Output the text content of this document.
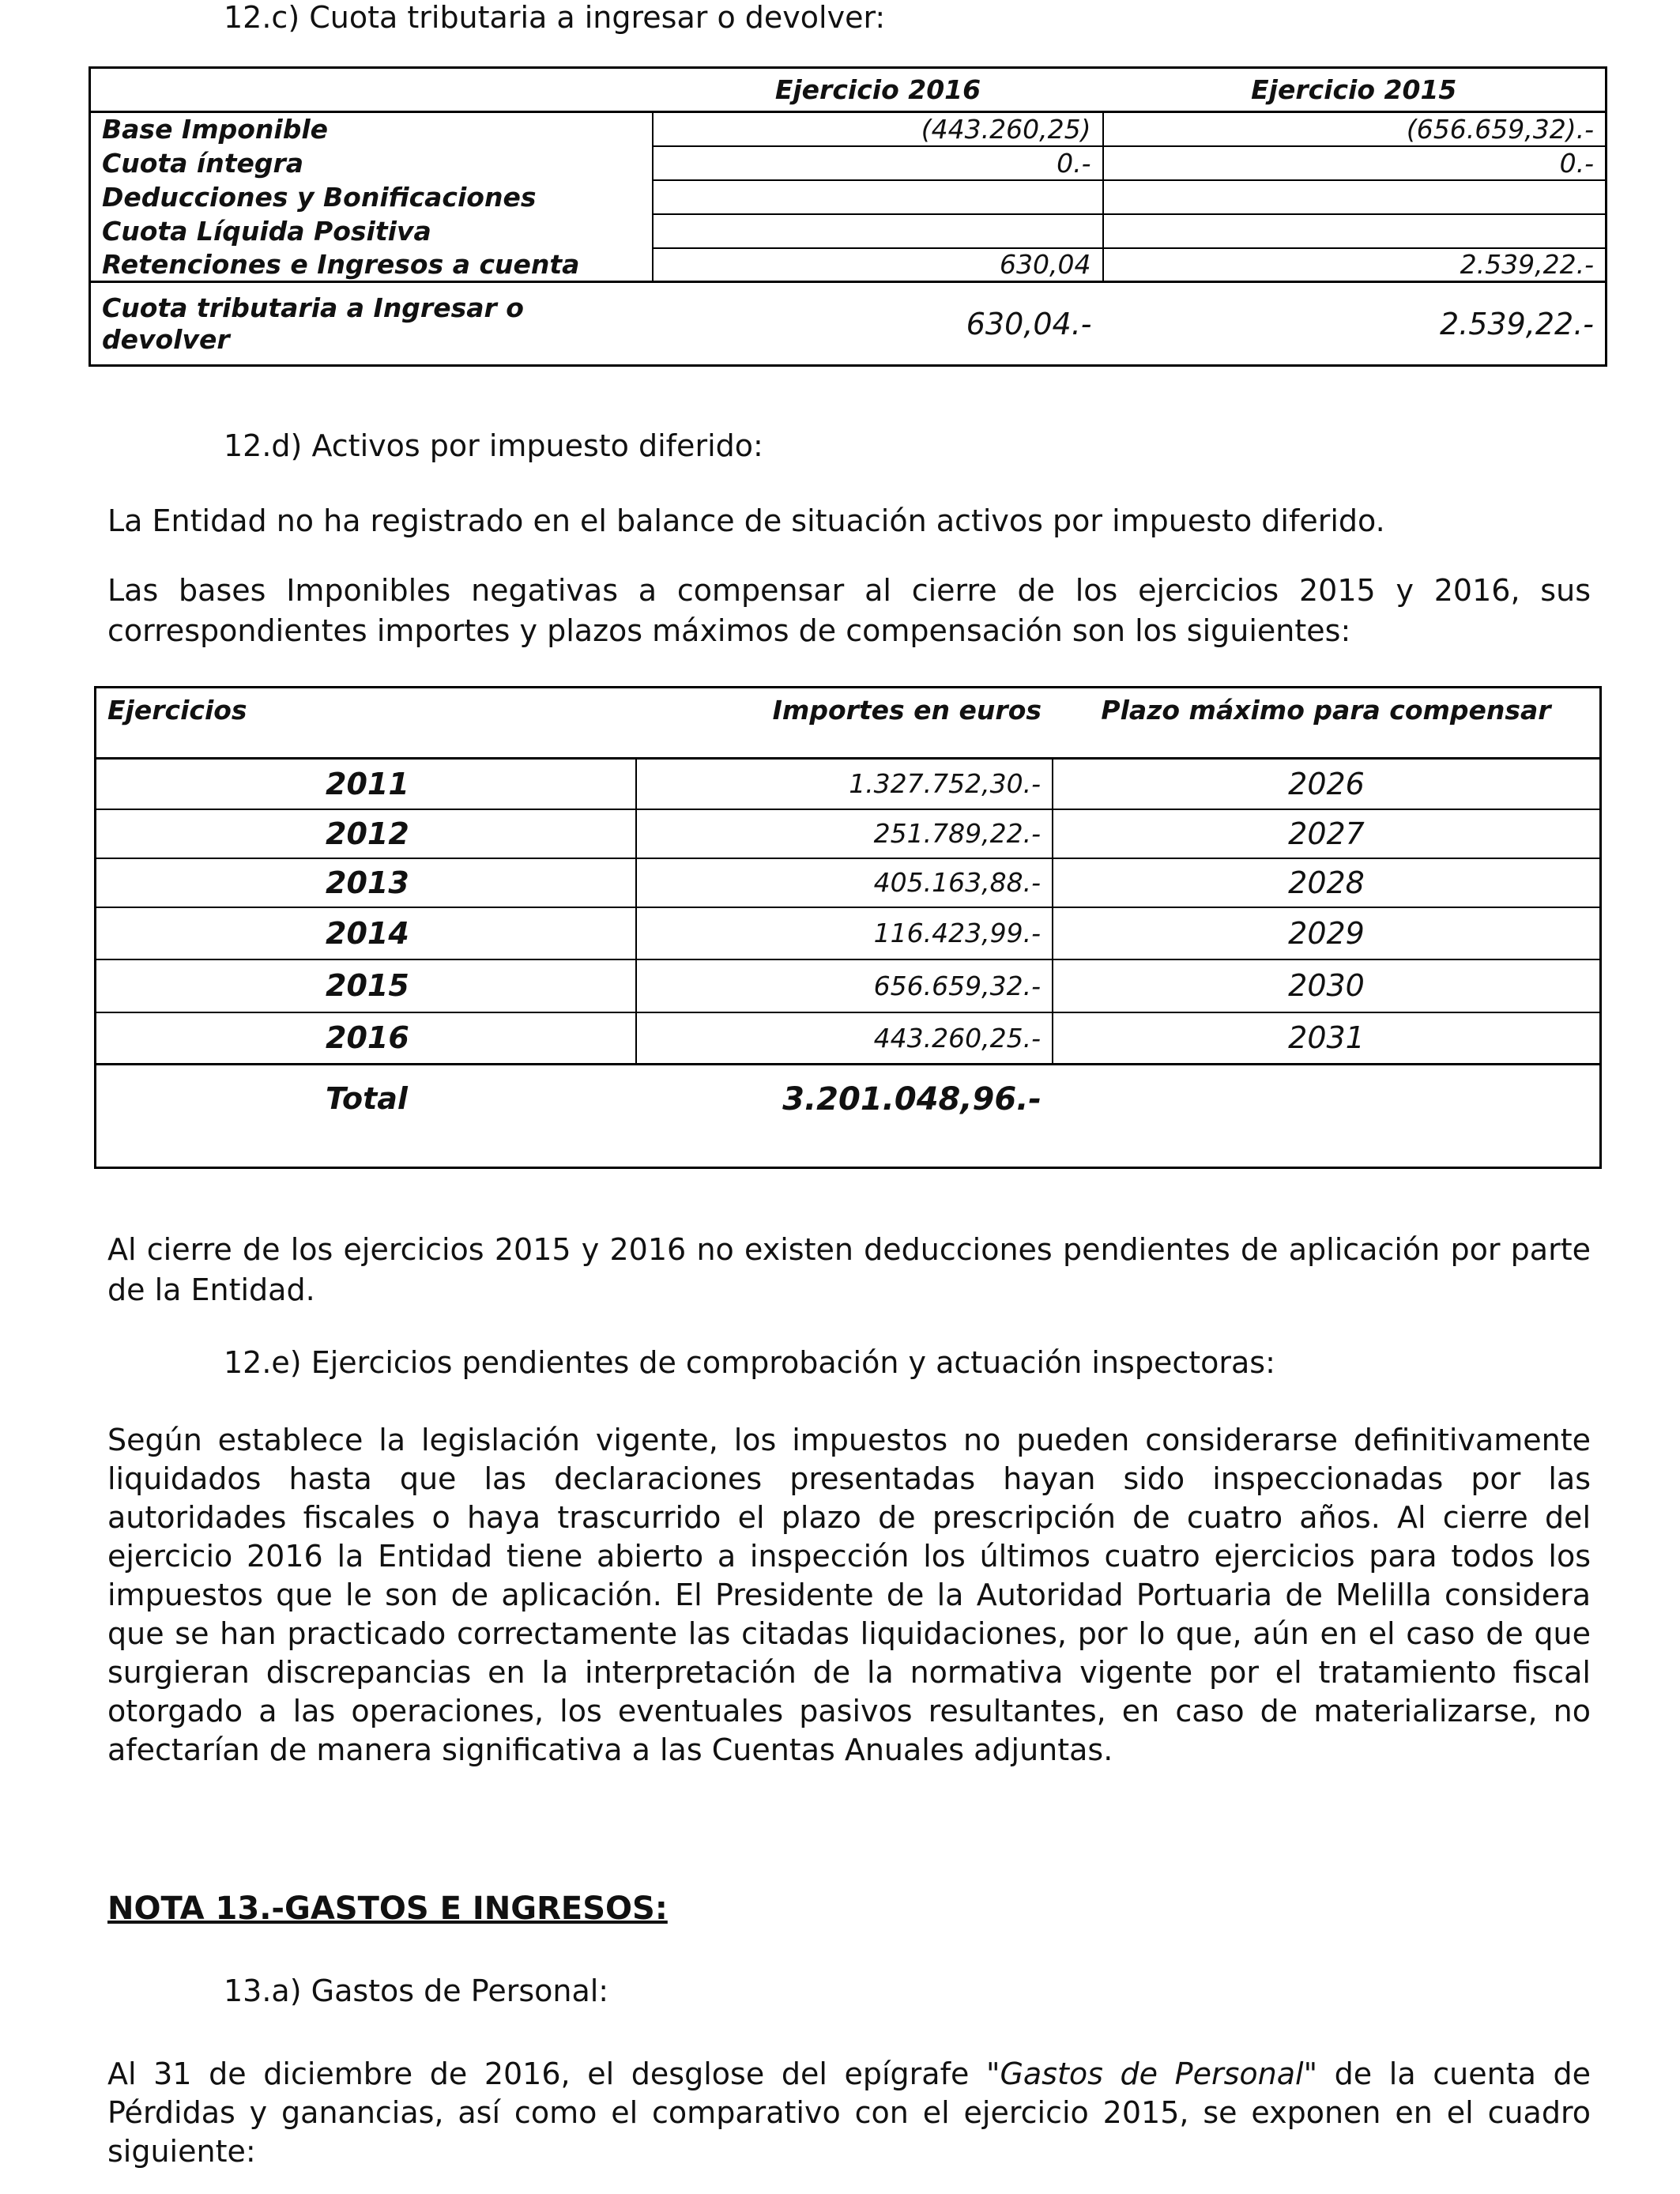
12.c) Cuota tributaria a ingresar o devolver:
	Ejercicio 2016	Ejercicio 2015
Base Imponible	(443.260,25)	(656.659,32).-
Cuota íntegra	0.-	0.-
Deducciones y Bonificaciones		
Cuota Líquida Positiva		
Retenciones e Ingresos a cuenta	630,04	2.539,22.-
Cuota tributaria a Ingresar o devolver	630,04.-	2.539,22.-
12.d) Activos por impuesto diferido:
La Entidad no ha registrado en el balance de situación activos por impuesto diferido.
Las bases Imponibles negativas a compensar al cierre de los ejercicios 2015 y 2016, sus correspondientes importes y plazos máximos de compensación son los siguientes:
Ejercicios	Importes en euros	Plazo máximo para compensar
2011	1.327.752,30.-	2026
2012	251.789,22.-	2027
2013	405.163,88.-	2028
2014	116.423,99.-	2029
2015	656.659,32.-	2030
2016	443.260,25.-	2031
Total	3.201.048,96.-	
Al cierre de los ejercicios 2015 y 2016 no existen deducciones pendientes de aplicación por parte de la Entidad.
12.e) Ejercicios pendientes de comprobación y actuación inspectoras:
Según establece la legislación vigente, los impuestos no pueden considerarse definitivamente liquidados hasta que las declaraciones presentadas hayan sido inspeccionadas por las autoridades fiscales o haya trascurrido el plazo de prescripción de cuatro años. Al cierre del ejercicio 2016 la Entidad tiene abierto a inspección los últimos cuatro ejercicios para todos los impuestos que le son de aplicación. El Presidente de la Autoridad Portuaria de Melilla considera que se han practicado correctamente las citadas liquidaciones, por lo que, aún en el caso de que surgieran discrepancias en la interpretación de la normativa vigente por el tratamiento fiscal otorgado a las operaciones, los eventuales pasivos resultantes, en caso de materializarse, no afectarían de manera significativa a las Cuentas Anuales adjuntas.
NOTA 13.-GASTOS E INGRESOS:
13.a) Gastos de Personal:
Al 31 de diciembre de 2016, el desglose del epígrafe "Gastos de Personal" de la cuenta de Pérdidas y ganancias, así como el comparativo con el ejercicio 2015, se exponen en el cuadro siguiente:
